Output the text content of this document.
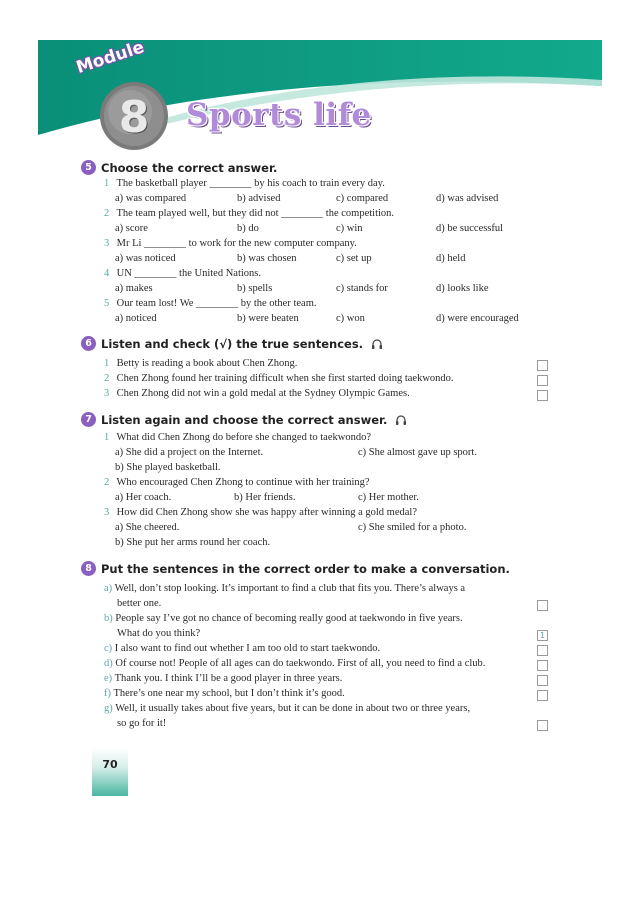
Module
8	Sports life
5 Choose the correct answer.
1 The basketball player ________ by his coach to train every day.
a) was compared	b) advised	c) compared	d) was advised
2 The team played well, but they did not ________ the competition.
a) score	b) do	c) win	d) be successful
3 Mr Li ________ to work for the new computer company.
a) was noticed	b) was chosen	c) set up	d) held
4 UN ________ the United Nations.
a) makes	b) spells	c) stands for	d) looks like
5 Our team lost! We ________ by the other team.
a) noticed	b) were beaten	c) won	d) were encouraged
6 Listen and check (√) the true sentences.
1 Betty is reading a book about Chen Zhong.
2 Chen Zhong found her training difficult when she first started doing taekwondo.
3 Chen Zhong did not win a gold medal at the Sydney Olympic Games.
7 Listen again and choose the correct answer.
1 What did Chen Zhong do before she changed to taekwondo?
a) She did a project on the Internet.	c) She almost gave up sport.
b) She played basketball.
2 Who encouraged Chen Zhong to continue with her training?
a) Her coach.	b) Her friends.	c) Her mother.
3 How did Chen Zhong show she was happy after winning a gold medal?
a) She cheered.	c) She smiled for a photo.
b) She put her arms round her coach.
8 Put the sentences in the correct order to make a conversation.
a) Well, don’t stop looking. It’s important to find a club that fits you. There’s always a
better one.
b) People say I’ve got no chance of becoming really good at taekwondo in five years.
What do you think?	1
c) I also want to find out whether I am too old to start taekwondo.
d) Of course not! People of all ages can do taekwondo. First of all, you need to find a club.
e) Thank you. I think I’ll be a good player in three years.
f) There’s one near my school, but I don’t think it’s good.
g) Well, it usually takes about five years, but it can be done in about two or three years,
so go for it!
70
